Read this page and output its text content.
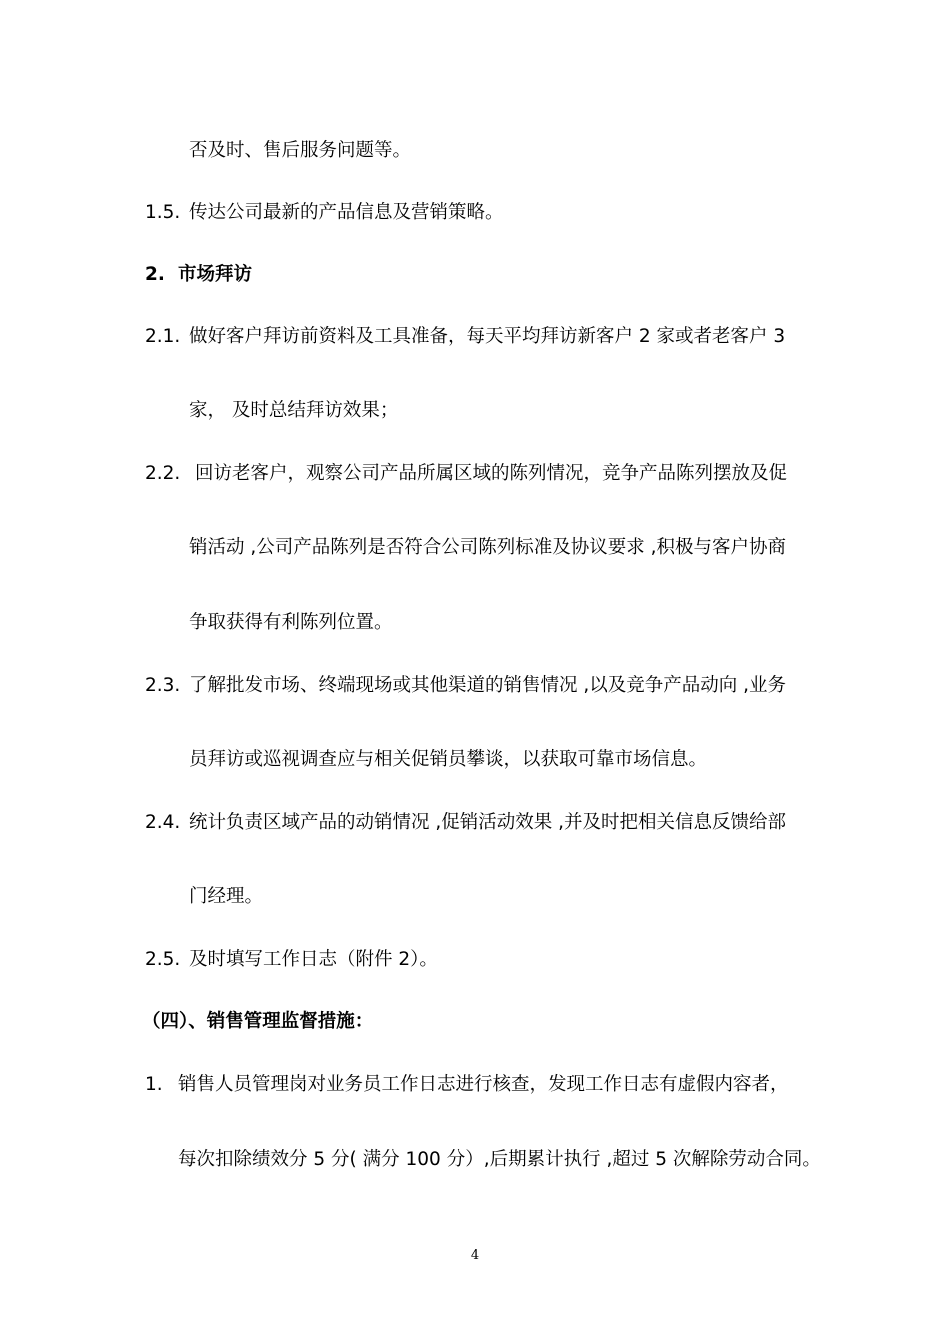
否及时、售后服务问题等。
1.5. 传达公司最新的产品信息及营销策略。
2. 市场拜访
2.1. 做好客户拜访前资料及工具准备，每天平均拜访新客户 2 家或者老客户 3
家， 及时总结拜访效果；
2.2. 回访老客户，观察公司产品所属区域的陈列情况，竞争产品陈列摆放及促
销活动 ,公司产品陈列是否符合公司陈列标准及协议要求 ,积极与客户协商
争取获得有利陈列位置。
2.3. 了解批发市场、终端现场或其他渠道的销售情况 ,以及竞争产品动向 ,业务
员拜访或巡视调查应与相关促销员攀谈，以获取可靠市场信息。
2.4. 统计负责区域产品的动销情况 ,促销活动效果 ,并及时把相关信息反馈给部
门经理。
2.5. 及时填写工作日志（附件 2）。
（四）、销售管理监督措施：
1. 销售人员管理岗对业务员工作日志进行核查，发现工作日志有虚假内容者，
每次扣除绩效分 5 分( 满分 100 分）,后期累计执行 ,超过 5 次解除劳动合同。
4
